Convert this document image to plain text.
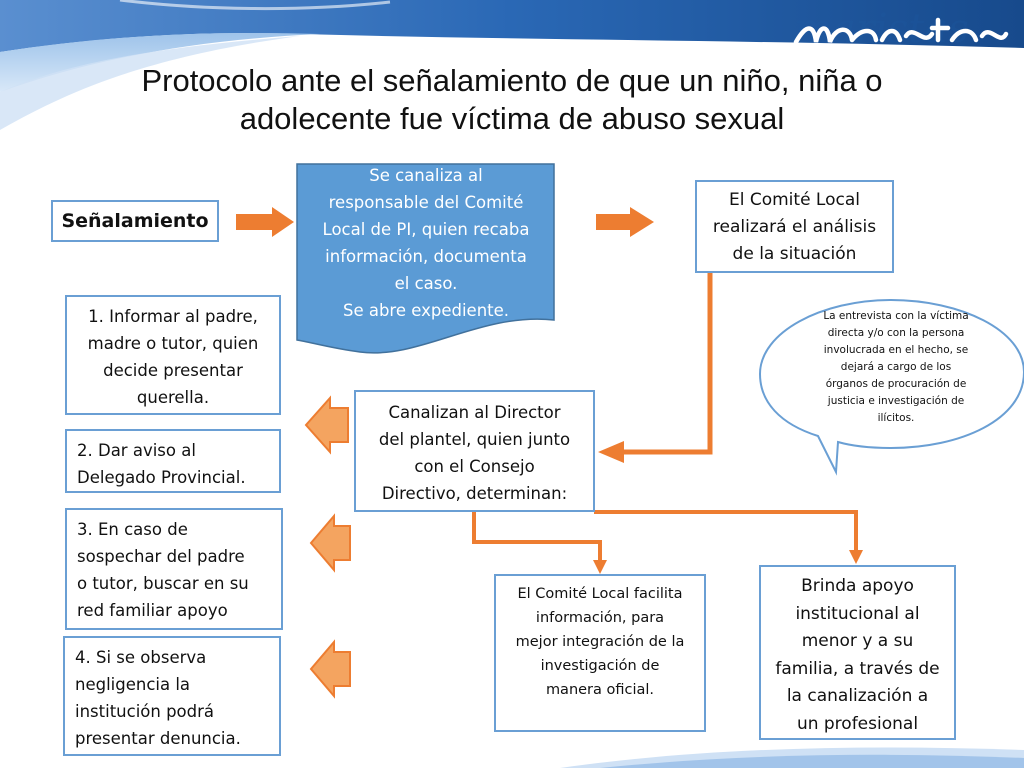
maristas
Protocolo ante el señalamiento de que un niño, niña o
adolecente fue víctima de abuso sexual
Se canaliza al
responsable del Comité
Local de PI, quien recaba
información, documenta
el caso.
Se abre expediente.	La entrevista con la víctima
directa y/o con la persona
involucrada en el hecho, se
dejará a cargo de los
órganos de procuración de
justicia e investigación de
ilícitos.
Señalamiento
El Comité Local
realizará el análisis
de la situación
Canalizan al Director
del plantel, quien junto
con el Consejo
Directivo, determinan:
1. Informar al padre,
madre o tutor, quien
decide presentar
querella.
2. Dar aviso al
Delegado Provincial.
3. En caso de
sospechar del padre
o tutor, buscar en su
red familiar apoyo
4. Si se observa
negligencia la
institución podrá
presentar denuncia.
El Comité Local facilita
información, para
mejor integración de la
investigación de
manera oficial.
Brinda apoyo
institucional al
menor y a su
familia, a través de
la canalización a
un profesional
